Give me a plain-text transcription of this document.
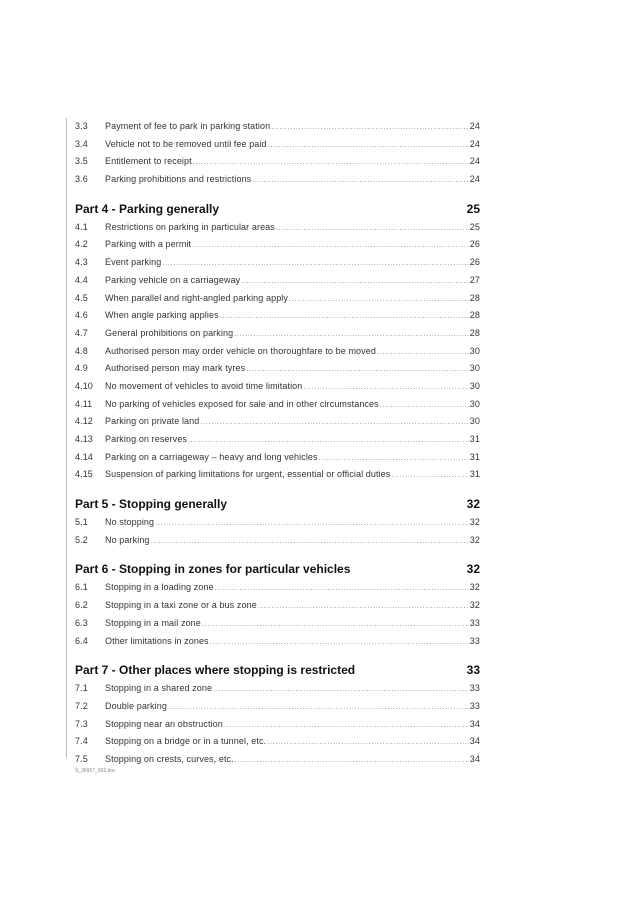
3.3	Payment of fee to park in parking station .....	24
3.4	Vehicle not to be removed until fee paid .....	24
3.5	Entitlement to receipt .....	24
3.6	Parking prohibitions and restrictions .....	24
Part 4 - Parking generally	25
4.1	Restrictions on parking in particular areas .....	25
4.2	Parking with a permit .....	26
4.3	Event parking .....	26
4.4	Parking vehicle on a carriageway .....	27
4.5	When parallel and right-angled parking apply .....	28
4.6	When angle parking applies .....	28
4.7	General prohibitions on parking .....	28
4.8	Authorised person may order vehicle on thoroughfare to be moved .....	30
4.9	Authorised person may mark tyres .....	30
4.10	No movement of vehicles to avoid time limitation .....	30
4.11	No parking of vehicles exposed for sale and in other circumstances .....	30
4.12	Parking on private land .....	30
4.13	Parking on reserves .....	31
4.14	Parking on a carriageway – heavy and long vehicles .....	31
4.15	Suspension of parking limitations for urgent, essential or official duties .....	31
Part 5 - Stopping generally	32
5.1	No stopping .....	32
5.2	No parking .....	32
Part 6 - Stopping in zones for particular vehicles	32
6.1	Stopping in a loading zone .....	32
6.2	Stopping in a taxi zone or a bus zone .....	32
6.3	Stopping in a mail zone .....	33
6.4	Other limitations in zones .....	33
Part 7 - Other places where stopping is restricted	33
7.1	Stopping in a shared zone .....	33
7.2	Double parking .....	33
7.3	Stopping near an obstruction .....	34
7.4	Stopping on a bridge or in a tunnel, etc. .....	34
7.5	Stopping on crests, curves, etc. .....	34
S_36957_002.doc
